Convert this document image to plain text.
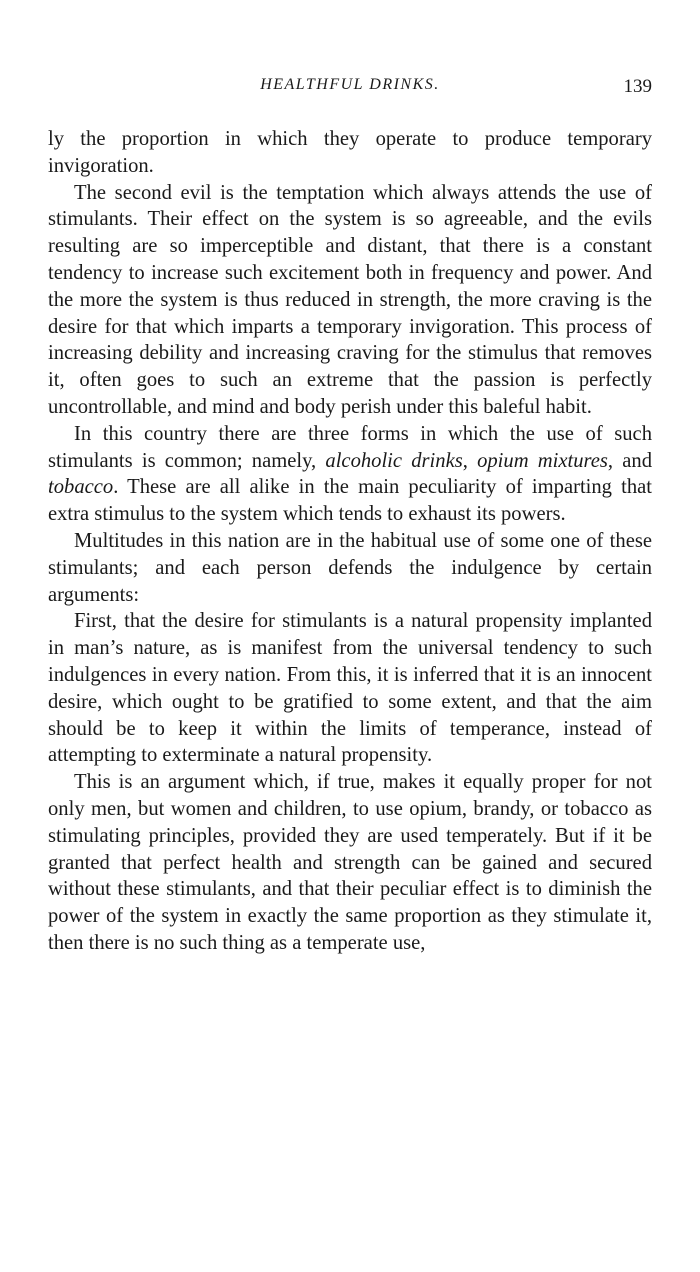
HEALTHFUL DRINKS.	139

ly the proportion in which they operate to produce temporary invigoration.

The second evil is the temptation which always attends the use of stimulants. Their effect on the system is so agreeable, and the evils resulting are so imperceptible and distant, that there is a constant tendency to increase such excitement both in frequency and power. And the more the system is thus reduced in strength, the more craving is the desire for that which imparts a temporary invigoration. This process of increasing debility and increasing craving for the stimulus that removes it, often goes to such an extreme that the passion is perfectly uncontrollable, and mind and body perish under this baleful habit.

In this country there are three forms in which the use of such stimulants is common; namely, alcoholic drinks, opium mixtures, and tobacco. These are all alike in the main peculiarity of imparting that extra stimulus to the system which tends to exhaust its powers.

Multitudes in this nation are in the habitual use of some one of these stimulants; and each person defends the indulgence by certain arguments:

First, that the desire for stimulants is a natural propensity implanted in man’s nature, as is manifest from the universal tendency to such indulgences in every nation. From this, it is inferred that it is an innocent desire, which ought to be gratified to some extent, and that the aim should be to keep it within the limits of temperance, instead of attempting to exterminate a natural propensity.

This is an argument which, if true, makes it equally proper for not only men, but women and children, to use opium, brandy, or tobacco as stimulating principles, provided they are used temperately. But if it be granted that perfect health and strength can be gained and secured without these stimulants, and that their peculiar effect is to diminish the power of the system in exactly the same proportion as they stimulate it, then there is no such thing as a temperate use,
